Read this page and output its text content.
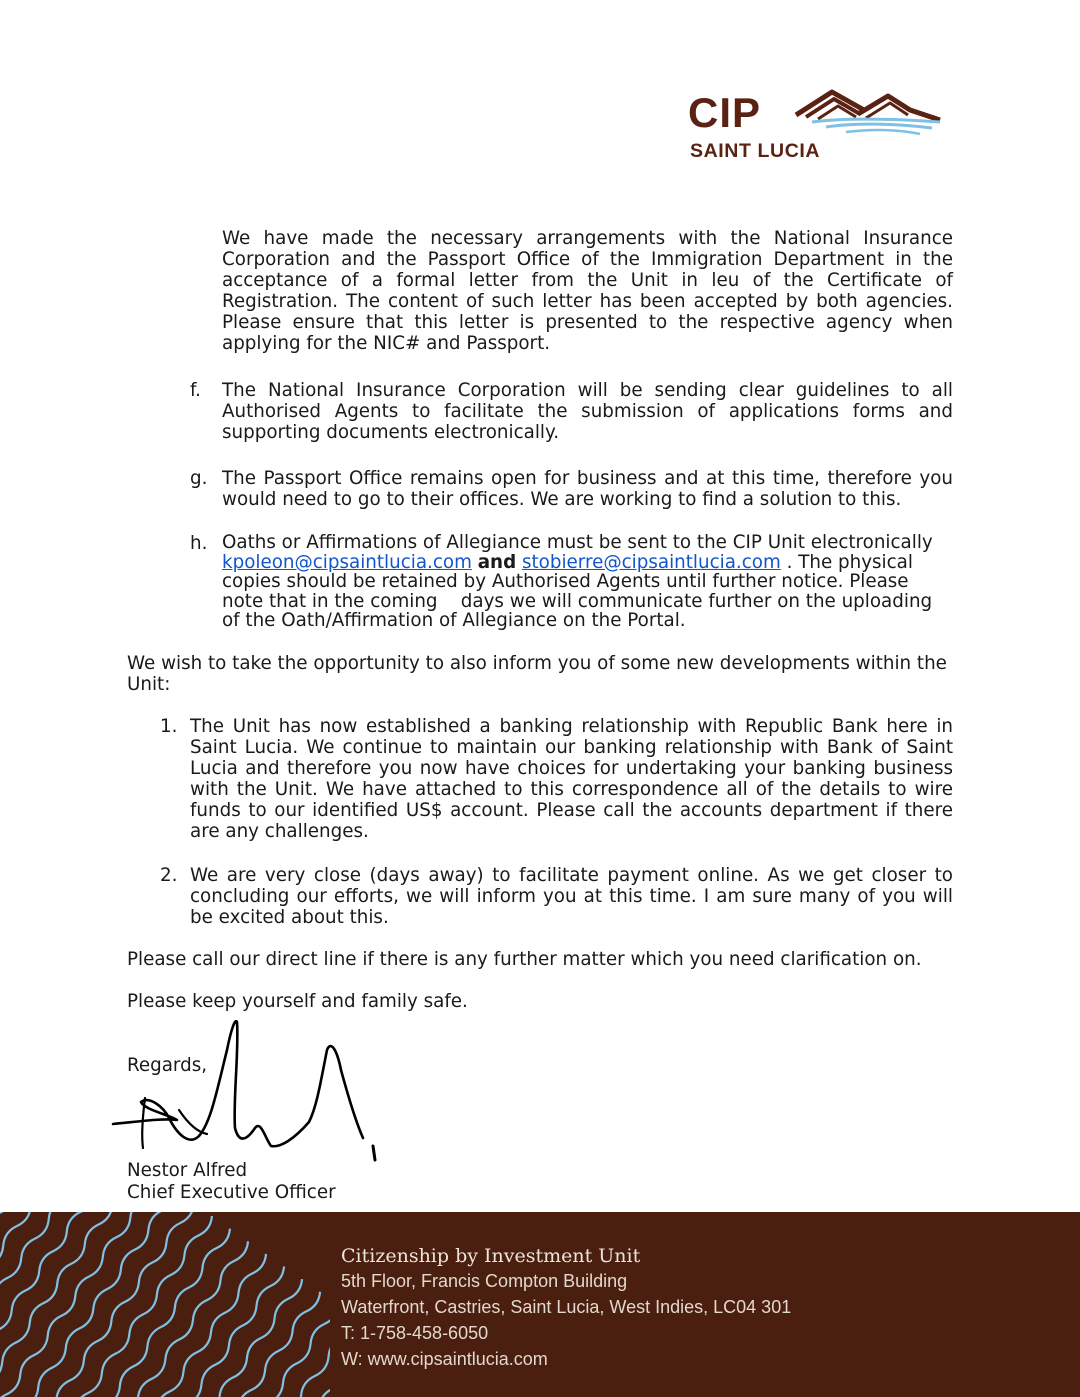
CIP
SAINT LUCIA

We have made the necessary arrangements with the National Insurance Corporation and the Passport Office of the Immigration Department in the acceptance of a formal letter from the Unit in leu of the Certificate of Registration. The content of such letter has been accepted by both agencies. Please ensure that this letter is presented to the respective agency when applying for the NIC# and Passport.

f. The National Insurance Corporation will be sending clear guidelines to all Authorised Agents to facilitate the submission of applications forms and supporting documents electronically.

g. The Passport Office remains open for business and at this time, therefore you would need to go to their offices. We are working to find a solution to this.

h. Oaths or Affirmations of Allegiance must be sent to the CIP Unit electronically kpoleon@cipsaintlucia.com and stobierre@cipsaintlucia.com . The physical copies should be retained by Authorised Agents until further notice. Please note that in the coming    days we will communicate further on the uploading of the Oath/Affirmation of Allegiance on the Portal.

We wish to take the opportunity to also inform you of some new developments within the Unit:

1. The Unit has now established a banking relationship with Republic Bank here in Saint Lucia. We continue to maintain our banking relationship with Bank of Saint Lucia and therefore you now have choices for undertaking your banking business with the Unit. We have attached to this correspondence all of the details to wire funds to our identified US$ account. Please call the accounts department if there are any challenges.

2. We are very close (days away) to facilitate payment online. As we get closer to concluding our efforts, we will inform you at this time. I am sure many of you will be excited about this.

Please call our direct line if there is any further matter which you need clarification on.

Please keep yourself and family safe.

Regards,

Nestor Alfred

Chief Executive Officer

Citizenship by Investment Unit
5th Floor, Francis Compton Building
Waterfront, Castries, Saint Lucia, West Indies, LC04 301
T: 1-758-458-6050
W: www.cipsaintlucia.com
